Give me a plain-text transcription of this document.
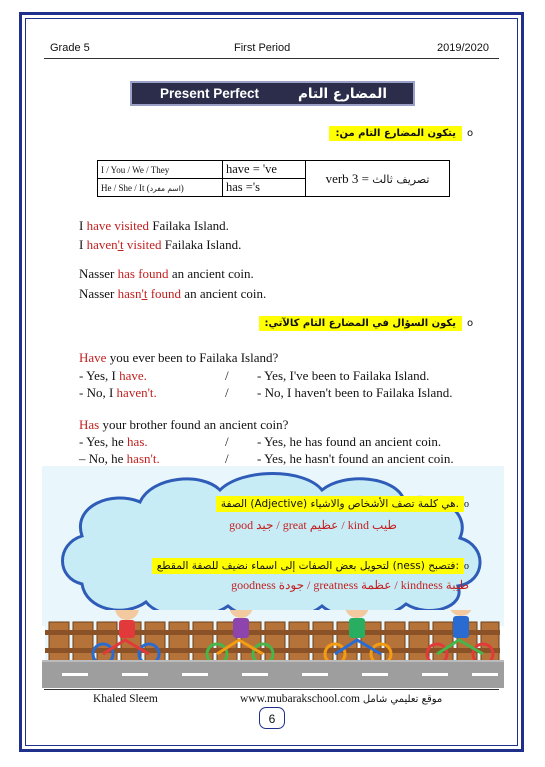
Grade 5	First Period	2019/2020
Present Perfect	المضارع التام
يتكون المضارع التام من:	o
I / You / We / They	have = 've	verb 3 = تصريف ثالث
He / She / It (اسم مفرد)	has ='s	
I have visited Failaka Island.
I haven't visited Failaka Island.
Nasser has found an ancient coin.
Nasser hasn't found an ancient coin.
يكون السؤال في المضارع التام كالآتي:	o
Have you ever been to Failaka Island?
- Yes, I have.	/ - Yes, I've been to Failaka Island.
- No, I haven't.	/ - No, I haven't been to Failaka Island.
Has your brother found an ancient coin?
- Yes, he has.	/ - Yes, he has found an ancient coin.
– No, he hasn't.	/ - Yes, he hasn't found an ancient coin.
الصفة (Adjective) هي كلمة تصف الأشخاص والاشياء. o
طيب kind / عظيم great / جيد good
لتحويل بعض الصفات إلى اسماء نضيف للصفة المقطع (ness) فتصبح: o
طيبة kindness / عظمة greatness / جودة goodness
Khaled Sleem	www.mubarakschool.com موقع تعليمي شامل
6
